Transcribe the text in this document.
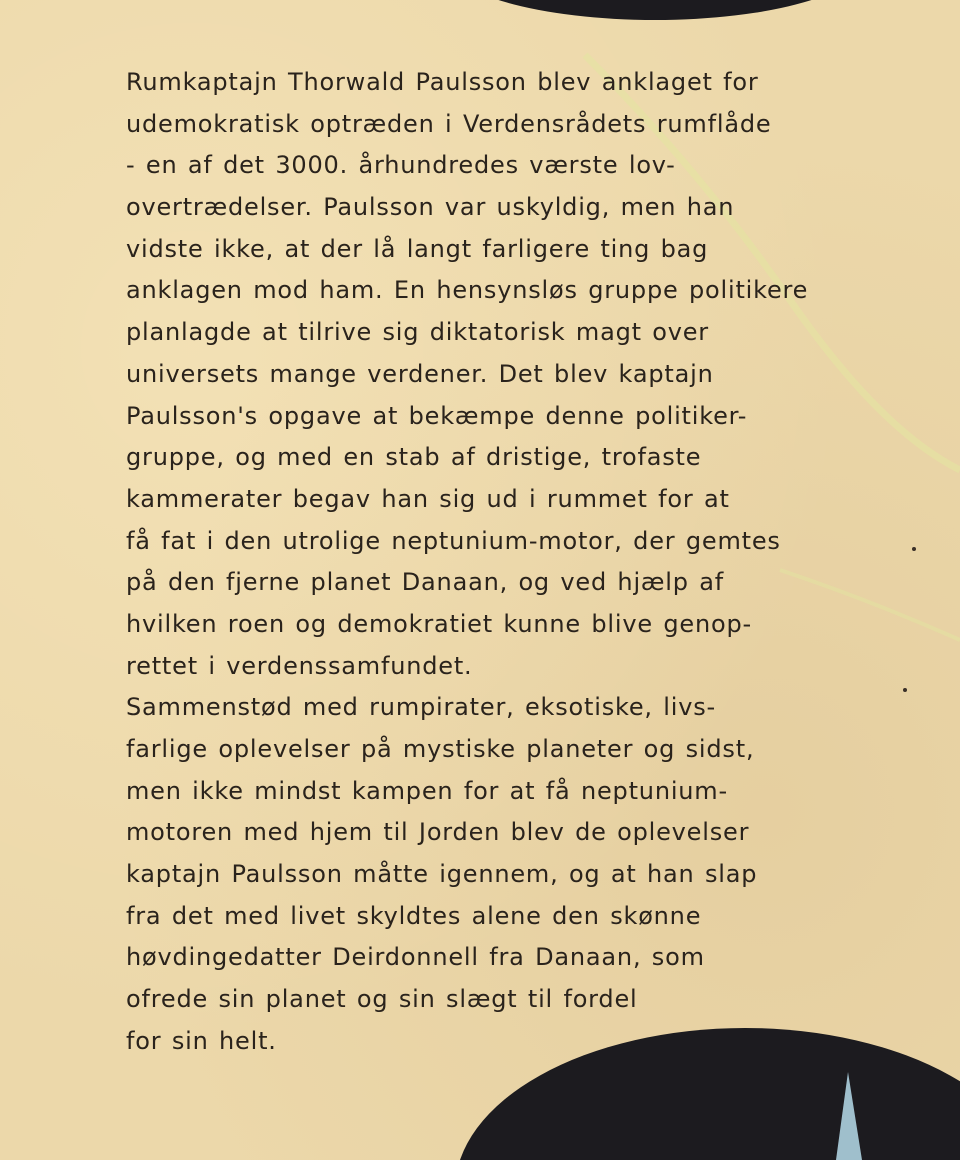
Rumkaptajn Thorwald Paulsson blev anklaget for
udemokratisk optræden i Verdensrådets rumflåde
- en af det 3000. århundredes værste lov-
overtrædelser. Paulsson var uskyldig, men han
vidste ikke, at der lå langt farligere ting bag
anklagen mod ham. En hensynsløs gruppe politikere
planlagde at tilrive sig diktatorisk magt over
universets mange verdener. Det blev kaptajn
Paulsson's opgave at bekæmpe denne politiker-
gruppe, og med en stab af dristige, trofaste
kammerater begav han sig ud i rummet for at
få fat i den utrolige neptunium-motor, der gemtes
på den fjerne planet Danaan, og ved hjælp af
hvilken roen og demokratiet kunne blive genop-
rettet i verdenssamfundet.
Sammenstød med rumpirater, eksotiske, livs-
farlige oplevelser på mystiske planeter og sidst,
men ikke mindst kampen for at få neptunium-
motoren med hjem til Jorden blev de oplevelser
kaptajn Paulsson måtte igennem, og at han slap
fra det med livet skyldtes alene den skønne
høvdingedatter Deirdonnell fra Danaan, som
ofrede sin planet og sin slægt til fordel
for sin helt.
